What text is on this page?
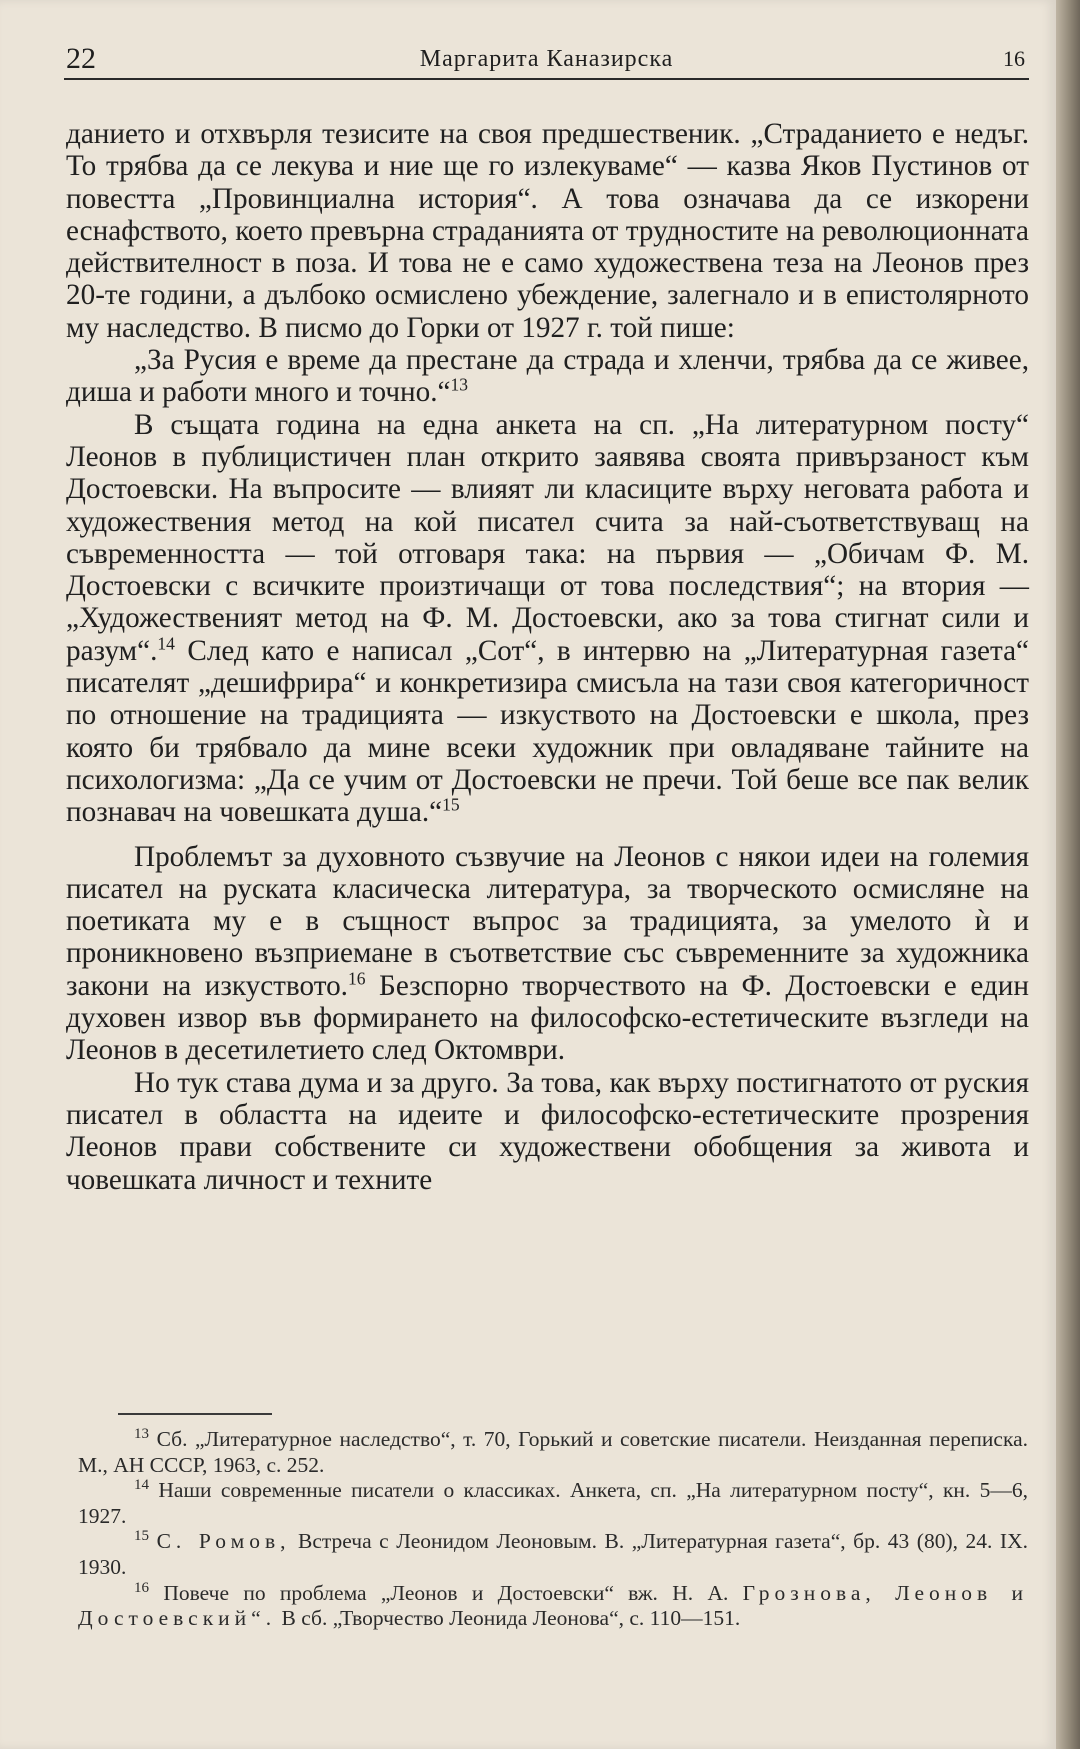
22	Маргарита Каназирска	16

данието и отхвърля тезисите на своя предшественик. „Страданието е недъг. То трябва да се лекува и ние ще го излекуваме“ — казва Яков Пустинов от повестта „Провинциална история“. А това означава да се изкорени еснафството, което превърна страданията от трудностите на революционната действителност в поза. И това не е само художествена теза на Леонов през 20-те години, а дълбоко осмислено убеждение, залегнало и в епистолярното му наследство. В писмо до Горки от 1927 г. той пише:

„За Русия е време да престане да страда и хленчи, трябва да се живее, диша и работи много и точно.“$^{13}$

В същата година на една анкета на сп. „На литературном посту“ Леонов в публицистичен план открито заявява своята привързаност към Достоевски. На въпросите — влияят ли класиците върху неговата работа и художествения метод на кой писател счита за най-съответствуващ на съвременността — той отговаря така: на първия — „Обичам Ф. М. Достоевски с всичките произтичащи от това последствия“; на втория — „Художественият метод на Ф. М. Достоевски, ако за това стигнат сили и разум“.$^{14}$ След като е написал „Сот“, в интервю на „Литературная газета“ писателят „дешифрира“ и конкретизира смисъла на тази своя категоричност по отношение на традицията — изкуството на Достоевски е школа, през която би трябвало да мине всеки художник при овладяване тайните на психологизма: „Да се учим от Достоевски не пречи. Той беше все пак велик познавач на човешката душа.“$^{15}$

Проблемът за духовното съзвучие на Леонов с някои идеи на големия писател на руската класическа литература, за творческото осмисляне на поетиката му е в същност въпрос за традицията, за умелото ѝ и проникновено възприемане в съответствие със съвременните за художника закони на изкуството.$^{16}$ Безспорно творчеството на Ф. Достоевски е един духовен извор във формирането на философско-естетическите възгледи на Леонов в десетилетието след Октомври.

Но тук става дума и за друго. За това, как върху постигнатото от руския писател в областта на идеите и философско-естетическите прозрения Леонов прави собствените си художествени обобщения за живота и човешката личност и техните

$^{13}$ Сб. „Литературное наследство“, т. 70, Горький и советские писатели. Неизданная переписка. М., АН СССР, 1963, с. 252.

$^{14}$ Наши современные писатели о классиках. Анкета, сп. „На литературном посту“, кн. 5—6, 1927.

$^{15}$ С. Ромов, Встреча с Леонидом Леоновым. В. „Литературная газета“, бр. 43 (80), 24. IX. 1930.

$^{16}$ Повече по проблема „Леонов и Достоевски“ вж. Н. А. Грознова, Леонов и Достоевский“. В сб. „Творчество Леонида Леонова“, с. 110—151.
